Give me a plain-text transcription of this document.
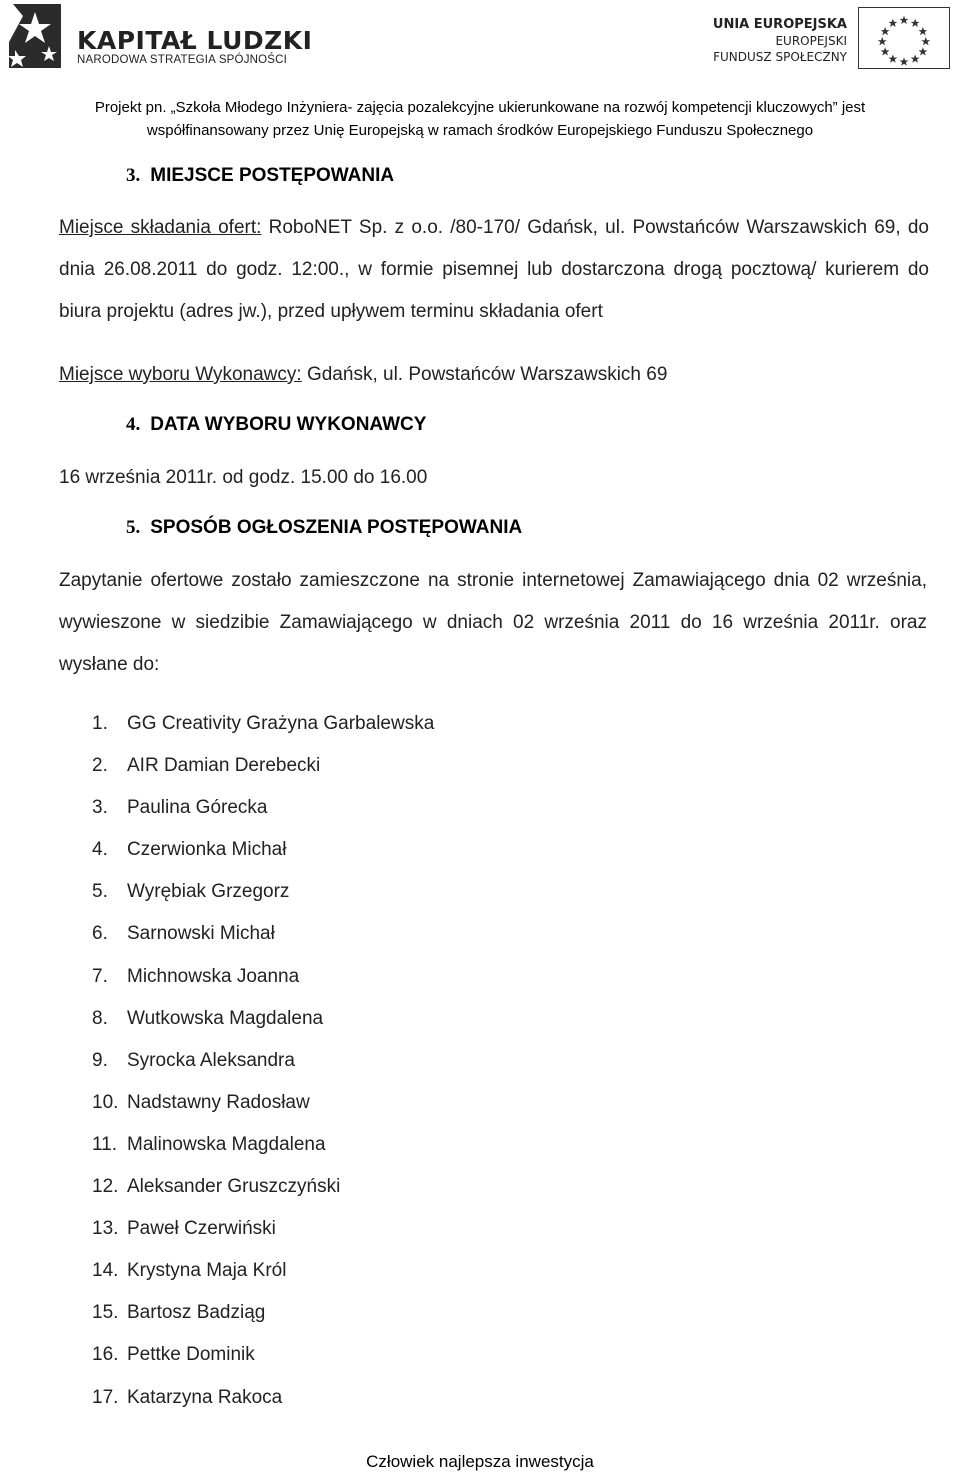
KAPITAŁ LUDZKI
NARODOWA STRATEGIA SPÓJNOŚCI
UNIA EUROPEJSKA
EUROPEJSKI
FUNDUSZ SPOŁECZNY
Projekt pn. „Szkoła Młodego Inżyniera- zajęcia pozalekcyjne ukierunkowane na rozwój kompetencji kluczowych” jest
współfinansowany przez Unię Europejską w ramach środków Europejskiego Funduszu Społecznego
3. MIEJSCE POSTĘPOWANIA
Miejsce składania ofert: RoboNET Sp. z o.o. /80-170/ Gdańsk, ul. Powstańców Warszawskich 69, do dnia 26.08.2011 do godz. 12:00., w formie pisemnej lub dostarczona drogą pocztową/ kurierem do biura projektu (adres jw.), przed upływem terminu składania ofert
Miejsce wyboru Wykonawcy: Gdańsk, ul. Powstańców Warszawskich 69
4. DATA WYBORU WYKONAWCY
16 września 2011r. od godz. 15.00 do 16.00
5. SPOSÓB OGŁOSZENIA POSTĘPOWANIA
Zapytanie ofertowe zostało zamieszczone na stronie internetowej Zamawiającego dnia 02 września, wywieszone w siedzibie Zamawiającego w dniach 02 września 2011 do 16 września 2011r. oraz wysłane do:
1. GG Creativity Grażyna Garbalewska
2. AIR Damian Derebecki
3. Paulina Górecka
4. Czerwionka Michał
5. Wyrębiak Grzegorz
6. Sarnowski Michał
7. Michnowska Joanna
8. Wutkowska Magdalena
9. Syrocka Aleksandra
10. Nadstawny Radosław
11. Malinowska Magdalena
12. Aleksander Gruszczyński
13. Paweł Czerwiński
14. Krystyna Maja Król
15. Bartosz Badziąg
16. Pettke Dominik
17. Katarzyna Rakoca
Człowiek najlepsza inwestycja
